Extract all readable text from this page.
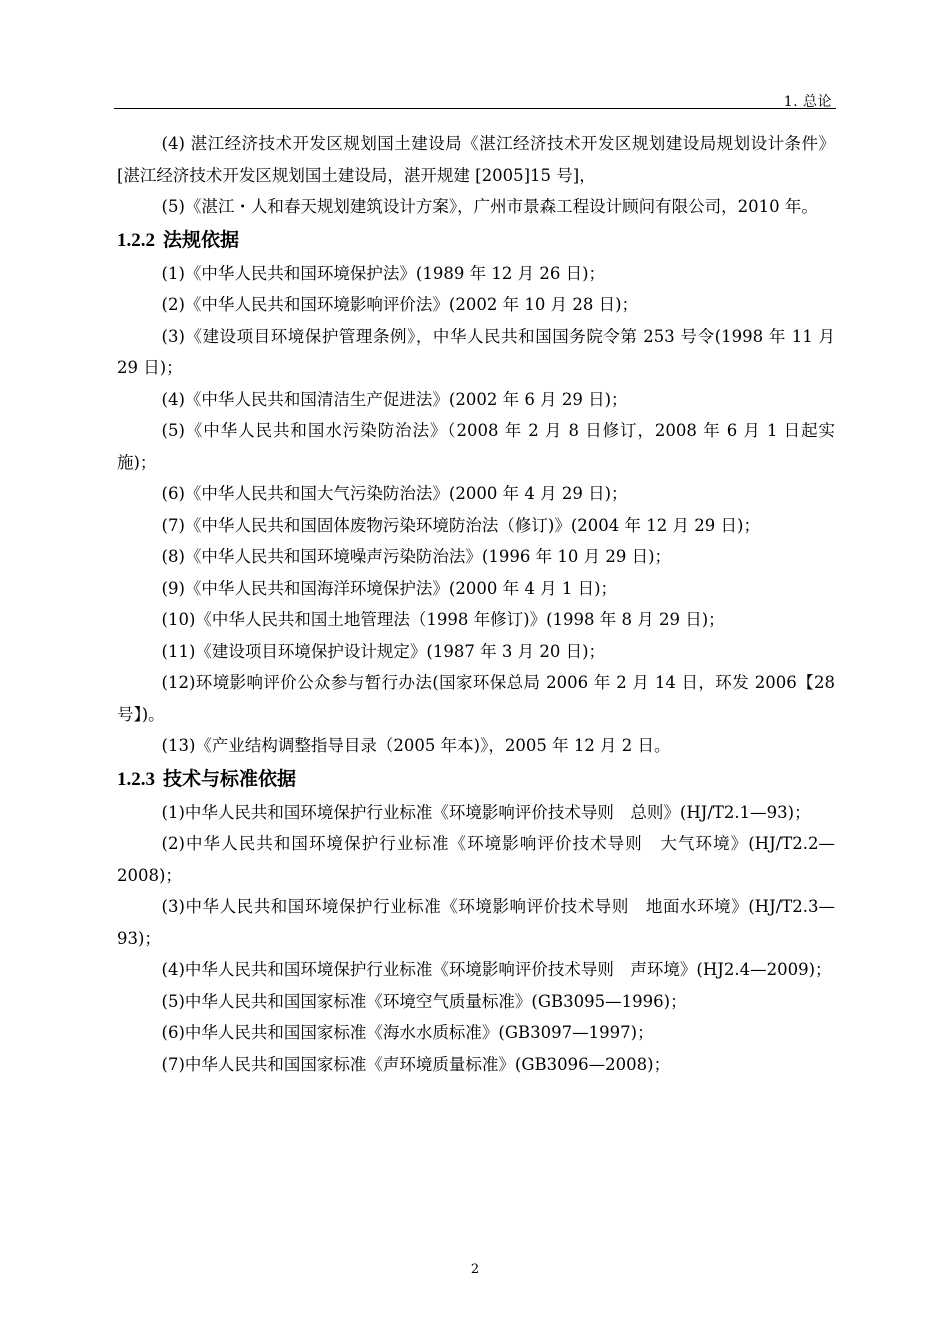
1. 总论

(4) 湛江经济技术开发区规划国土建设局《湛江经济技术开发区规划建设局规划设计条件》[湛江经济技术开发区规划国土建设局，湛开规建 [2005]15 号]，

(5)《湛江・人和春天规划建筑设计方案》，广州市景森工程设计顾问有限公司，2010 年。

1.2.2 法规依据

(1)《中华人民共和国环境保护法》(1989 年 12 月 26 日)；

(2)《中华人民共和国环境影响评价法》(2002 年 10 月 28 日)；

(3)《建设项目环境保护管理条例》，中华人民共和国国务院令第 253 号令(1998 年 11 月 29 日)；

(4)《中华人民共和国清洁生产促进法》(2002 年 6 月 29 日)；

(5)《中华人民共和国水污染防治法》（2008 年 2 月 8 日修订，2008 年 6 月 1 日起实施)；

(6)《中华人民共和国大气污染防治法》(2000 年 4 月 29 日)；

(7)《中华人民共和国固体废物污染环境防治法（修订)》(2004 年 12 月 29 日)；

(8)《中华人民共和国环境噪声污染防治法》(1996 年 10 月 29 日)；

(9)《中华人民共和国海洋环境保护法》(2000 年 4 月 1 日)；

(10)《中华人民共和国土地管理法（1998 年修订)》(1998 年 8 月 29 日)；

(11)《建设项目环境保护设计规定》(1987 年 3 月 20 日)；

(12)环境影响评价公众参与暂行办法(国家环保总局 2006 年 2 月 14 日，环发 2006【28 号】)。

(13)《产业结构调整指导目录（2005 年本)》，2005 年 12 月 2 日。

1.2.3 技术与标准依据

(1)中华人民共和国环境保护行业标准《环境影响评价技术导则　总则》(HJ/T2.1—93)；

(2)中华人民共和国环境保护行业标准《环境影响评价技术导则　大气环境》(HJ/T2.2—2008)；

(3)中华人民共和国环境保护行业标准《环境影响评价技术导则　地面水环境》(HJ/T2.3—93)；

(4)中华人民共和国环境保护行业标准《环境影响评价技术导则　声环境》(HJ2.4—2009)；

(5)中华人民共和国国家标准《环境空气质量标准》(GB3095—1996)；

(6)中华人民共和国国家标准《海水水质标准》(GB3097—1997)；

(7)中华人民共和国国家标准《声环境质量标准》(GB3096—2008)；

2
